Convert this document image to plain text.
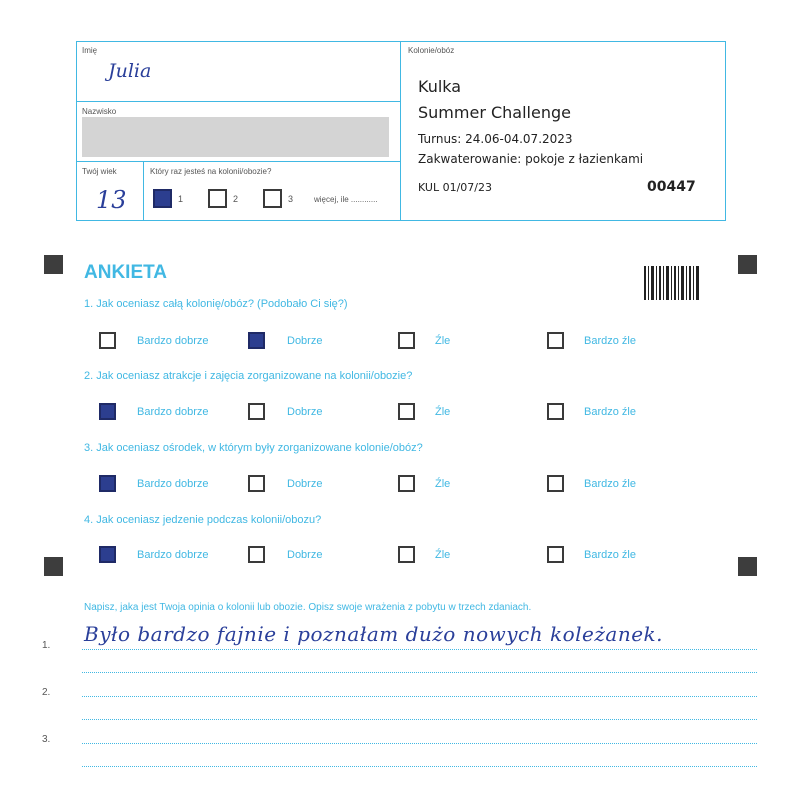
Imię
Julia
Nazwisko
Twój wiek
13
Który raz jesteś na kolonii/obozie?
1	2	3	więcej, ile ............
Kolonie/obóz
Kulka
Summer Challenge
Turnus: 24.06-04.07.2023
Zakwaterowanie: pokoje z łazienkami
KUL 01/07/23	00447
ANKIETA
1. Jak oceniasz całą kolonię/obóz? (Podobało Ci się?)
Bardzo dobrze	Dobrze	Źle	Bardzo źle
2. Jak oceniasz atrakcje i zajęcia zorganizowane na kolonii/obozie?
Bardzo dobrze	Dobrze	Źle	Bardzo źle
3. Jak oceniasz ośrodek, w którym były zorganizowane kolonie/obóz?
Bardzo dobrze	Dobrze	Źle	Bardzo źle
4. Jak oceniasz jedzenie podczas kolonii/obozu?
Bardzo dobrze	Dobrze	Źle	Bardzo źle
Napisz, jaka jest Twoja opinia o kolonii lub obozie. Opisz swoje wrażenia z pobytu w trzech zdaniach.
1. Było bardzo fajnie i poznałam dużo nowych koleżanek.
2.
3.
